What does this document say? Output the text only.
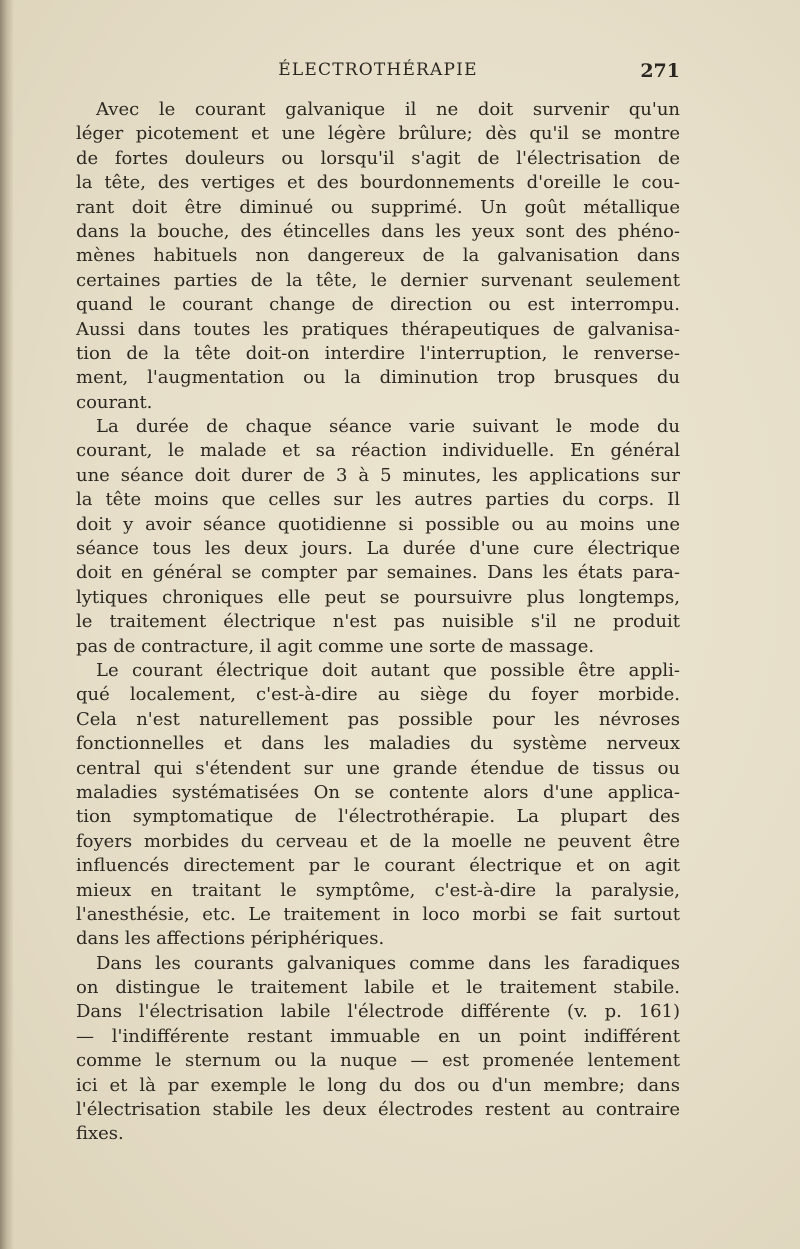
ÉLECTROTHÉRAPIE	271
Avec le courant galvanique il ne doit survenir qu'un
léger picotement et une légère brûlure; dès qu'il se montre
de fortes douleurs ou lorsqu'il s'agit de l'électrisation de
la tête, des vertiges et des bourdonnements d'oreille le cou-
rant doit être diminué ou supprimé. Un goût métallique
dans la bouche, des étincelles dans les yeux sont des phéno-
mènes habituels non dangereux de la galvanisation dans
certaines parties de la tête, le dernier survenant seulement
quand le courant change de direction ou est interrompu.
Aussi dans toutes les pratiques thérapeutiques de galvanisa-
tion de la tête doit-on interdire l'interruption, le renverse-
ment, l'augmentation ou la diminution trop brusques du
courant.
La durée de chaque séance varie suivant le mode du
courant, le malade et sa réaction individuelle. En général
une séance doit durer de 3 à 5 minutes, les applications sur
la tête moins que celles sur les autres parties du corps. Il
doit y avoir séance quotidienne si possible ou au moins une
séance tous les deux jours. La durée d'une cure électrique
doit en général se compter par semaines. Dans les états para-
lytiques chroniques elle peut se poursuivre plus longtemps,
le traitement électrique n'est pas nuisible s'il ne produit
pas de contracture, il agit comme une sorte de massage.
Le courant électrique doit autant que possible être appli-
qué localement, c'est-à-dire au siège du foyer morbide.
Cela n'est naturellement pas possible pour les névroses
fonctionnelles et dans les maladies du système nerveux
central qui s'étendent sur une grande étendue de tissus ou
maladies systématisées On se contente alors d'une applica-
tion symptomatique de l'électrothérapie. La plupart des
foyers morbides du cerveau et de la moelle ne peuvent être
influencés directement par le courant électrique et on agit
mieux en traitant le symptôme, c'est-à-dire la paralysie,
l'anesthésie, etc. Le traitement in loco morbi se fait surtout
dans les affections périphériques.
Dans les courants galvaniques comme dans les faradiques
on distingue le traitement labile et le traitement stabile.
Dans l'électrisation labile l'électrode différente (v. p. 161)
— l'indifférente restant immuable en un point indifférent
comme le sternum ou la nuque — est promenée lentement
ici et là par exemple le long du dos ou d'un membre; dans
l'électrisation stabile les deux électrodes restent au contraire
fixes.
